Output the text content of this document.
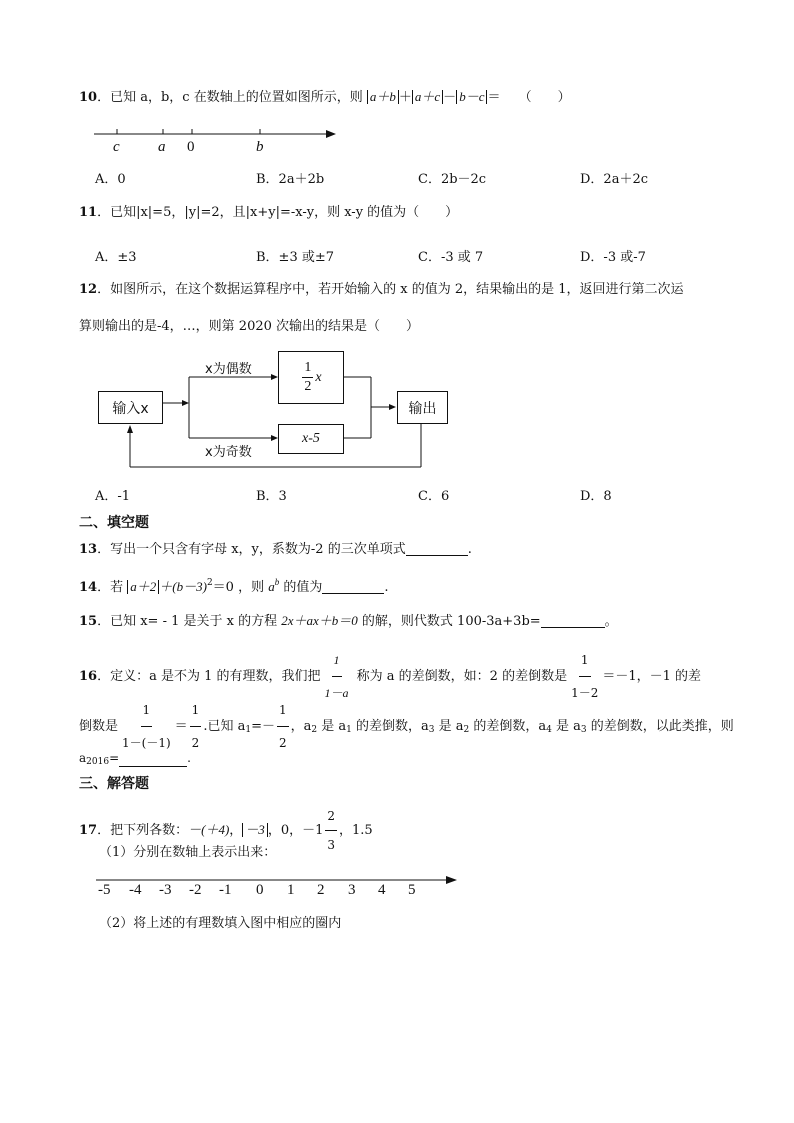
10．已知 a，b，c 在数轴上的位置如图所示，则 a＋b ＋ a＋c － b－c ＝ （　　）
c	a 0	b
A．0	B．2a＋2b	C．2b－2c	D．2a＋2c
11．已知|x|=5，|y|=2，且|x+y|=-x-y，则 x-y 的值为（　　）
A．±3	B．±3 或±7	C．-3 或 7	D．-3 或-7
12．如图所示，在这个数据运算程序中，若开始输入的 x 的值为 2，结果输出的是 1，返回进行第二次运
算则输出的是-4，…，则第 2020 次输出的结果是（　　）
输入x
$\frac{1}{2}$ x
x-5
输出
x为偶数
x为奇数
A．-1	B．3	C．6	D．8
二、填空题
13．写出一个只含有字母 x，y，系数为-2 的三次单项式	.
14．若 $a+2 +(b-3)^2=0$ ，则 $a^b$ 的值为	.
15．已知 x= - 1 是关于 x 的方程 2x＋ax＋b＝0 的解，则代数式 100-3a+3b=	。
16．定义：a 是不为 1 的有理数，我们把 $\frac{1}{1-a}$ 称为 a 的差倒数，如：2 的差倒数是 $\frac{1}{1-2} =-1$，－1 的差
倒数是 $\frac{1}{1-(-1)} = \frac{1}{2}$ .已知 $a_1=- \frac{1}{2}$ ，$a_2$ 是 $a_1$ 的差倒数，$a_3$ 是 $a_2$ 的差倒数，$a_4$ 是 $a_3$ 的差倒数，以此类推，则
$a_{2016}=$	.
三、解答题
17．把下列各数：－(＋4)， －3 ，0，$-1 \frac{2}{3}$ ，1.5
（1）分别在数轴上表示出来：
-5 -4 -3 -2 -1 0 1 2 3 4 5
（2）将上述的有理数填入图中相应的圈内
